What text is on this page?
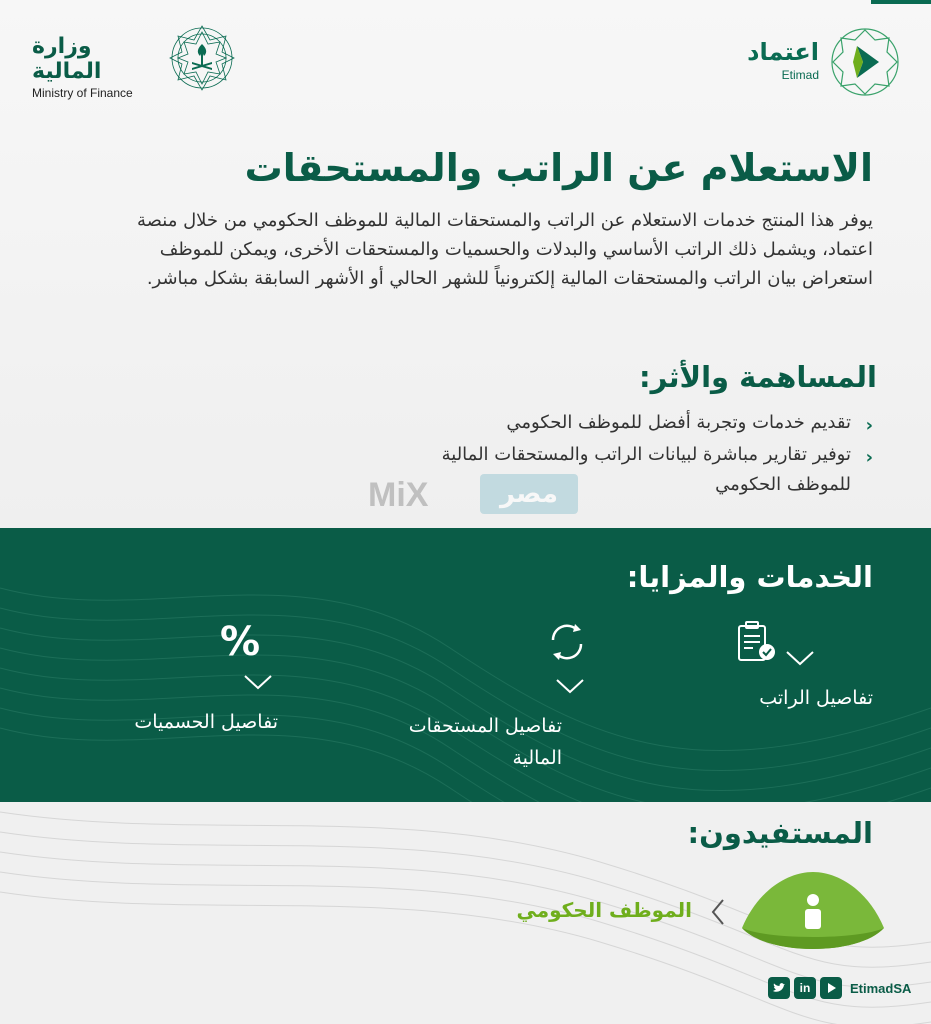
وزارة المالية
Ministry of Finance
اعتماد
Etimad
الاستعلام عن الراتب والمستحقات
يوفر هذا المنتج خدمات الاستعلام عن الراتب والمستحقات المالية للموظف الحكومي من خلال منصة اعتماد، ويشمل ذلك الراتب الأساسي والبدلات والحسميات والمستحقات الأخرى، ويمكن للموظف استعراض بيان الراتب والمستحقات المالية إلكترونياً للشهر الحالي أو الأشهر السابقة بشكل مباشر.
المساهمة والأثر:
‹
تقديم خدمات وتجربة أفضل للموظف الحكومي
‹
توفير تقارير مباشرة لبيانات الراتب والمستحقات المالية للموظف الحكومي
MiX	مصر
الخدمات والمزايا:

تفاصيل الراتب

تفاصيل المستحقات المالية
%
تفاصيل الحسميات
المستفيدون:
الموظف الحكومي
in	EtimadSA
